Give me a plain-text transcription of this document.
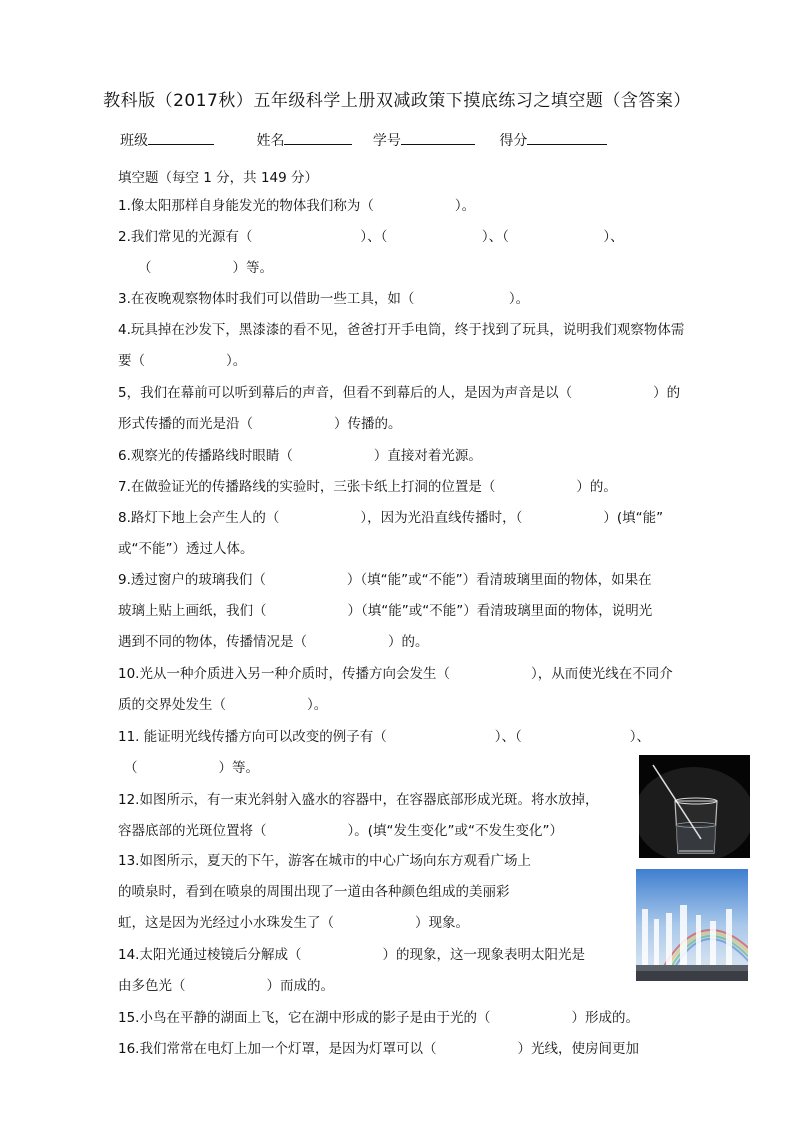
教科版（2017秋）五年级科学上册双减政策下摸底练习之填空题（含答案）
班级	姓名	学号	得分
填空题（每空 1 分，共 149 分）
1.像太阳那样自身能发光的物体我们称为（　　　　　　）。
2.我们常见的光源有（　　　　　　　　）、（　　　　　　　）、（　　　　　　　）、
（　　　　　　）等。
3.在夜晚观察物体时我们可以借助一些工具，如（　　　　　　　）。
4.玩具掉在沙发下，黑漆漆的看不见，爸爸打开手电筒，终于找到了玩具，说明我们观察物体需
要（　　　　　　）。
5，我们在幕前可以听到幕后的声音，但看不到幕后的人，是因为声音是以（　　　　　　）的
形式传播的而光是沿（　　　　　　）传播的。
6.观察光的传播路线时眼睛（　　　　　　）直接对着光源。
7.在做验证光的传播路线的实验时，三张卡纸上打洞的位置是（　　　　　　）的。
8.路灯下地上会产生人的（　　　　　　），因为光沿直线传播时，（　　　　　　）(填“能”
或“不能”）透过人体。
9.透过窗户的玻璃我们（　　　　　　）（填“能”或“不能”）看清玻璃里面的物体，如果在
玻璃上贴上画纸，我们（　　　　　　）（填“能”或“不能”）看清玻璃里面的物体，说明光
遇到不同的物体，传播情况是（　　　　　　）的。
10.光从一种介质进入另一种介质时，传播方向会发生（　　　　　　），从而使光线在不同介
质的交界处发生（　　　　　　）。
11. 能证明光线传播方向可以改变的例子有（　　　　　　　　）、（　　　　　　　　）、
（　　　　　　）等。
12.如图所示，有一束光斜射入盛水的容器中，在容器底部形成光斑。将水放掉，
容器底部的光斑位置将（　　　　　　）。(填“发生变化”或“不发生变化”）
13.如图所示，夏天的下午，游客在城市的中心广场向东方观看广场上
的喷泉时，看到在喷泉的周围出现了一道由各种颜色组成的美丽彩
虹，这是因为光经过小水珠发生了（　　　　　　）现象。
14.太阳光通过棱镜后分解成（　　　　　　）的现象，这一现象表明太阳光是
由多色光（　　　　　　）而成的。
15.小鸟在平静的湖面上飞，它在湖中形成的影子是由于光的（　　　　　　）形成的。
16.我们常常在电灯上加一个灯罩，是因为灯罩可以（　　　　　　）光线，使房间更加
